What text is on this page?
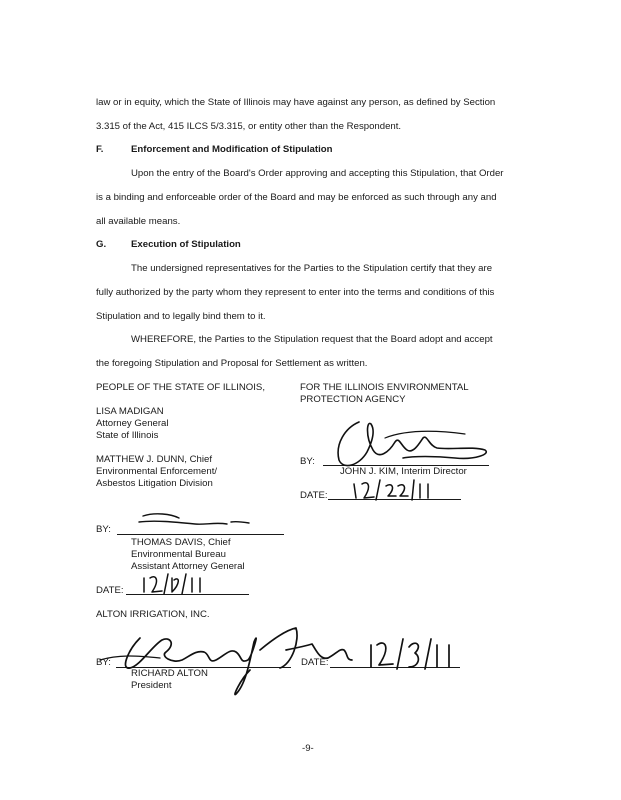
law or in equity, which the State of Illinois may have against any person, as defined by Section
3.315 of the Act, 415 ILCS 5/3.315, or entity other than the Respondent.
F.	Enforcement and Modification of Stipulation
Upon the entry of the Board's Order approving and accepting this Stipulation, that Order
is a binding and enforceable order of the Board and may be enforced as such through any and
all available means.
G.	Execution of Stipulation
The undersigned representatives for the Parties to the Stipulation certify that they are
fully authorized by the party whom they represent to enter into the terms and conditions of this
Stipulation and to legally bind them to it.
WHEREFORE, the Parties to the Stipulation request that the Board adopt and accept
the foregoing Stipulation and Proposal for Settlement as written.
PEOPLE OF THE STATE OF ILLINOIS,	FOR THE ILLINOIS ENVIRONMENTAL
PROTECTION AGENCY
LISA MADIGAN
Attorney General
State of Illinois
MATTHEW J. DUNN, Chief
Environmental Enforcement/
Asbestos Litigation Division
BY:
JOHN J. KIM, Interim Director
DATE:
BY:
THOMAS DAVIS, Chief
Environmental Bureau
Assistant Attorney General
DATE:
ALTON IRRIGATION, INC.
BY:	DATE:
RICHARD ALTON
President
-9-
